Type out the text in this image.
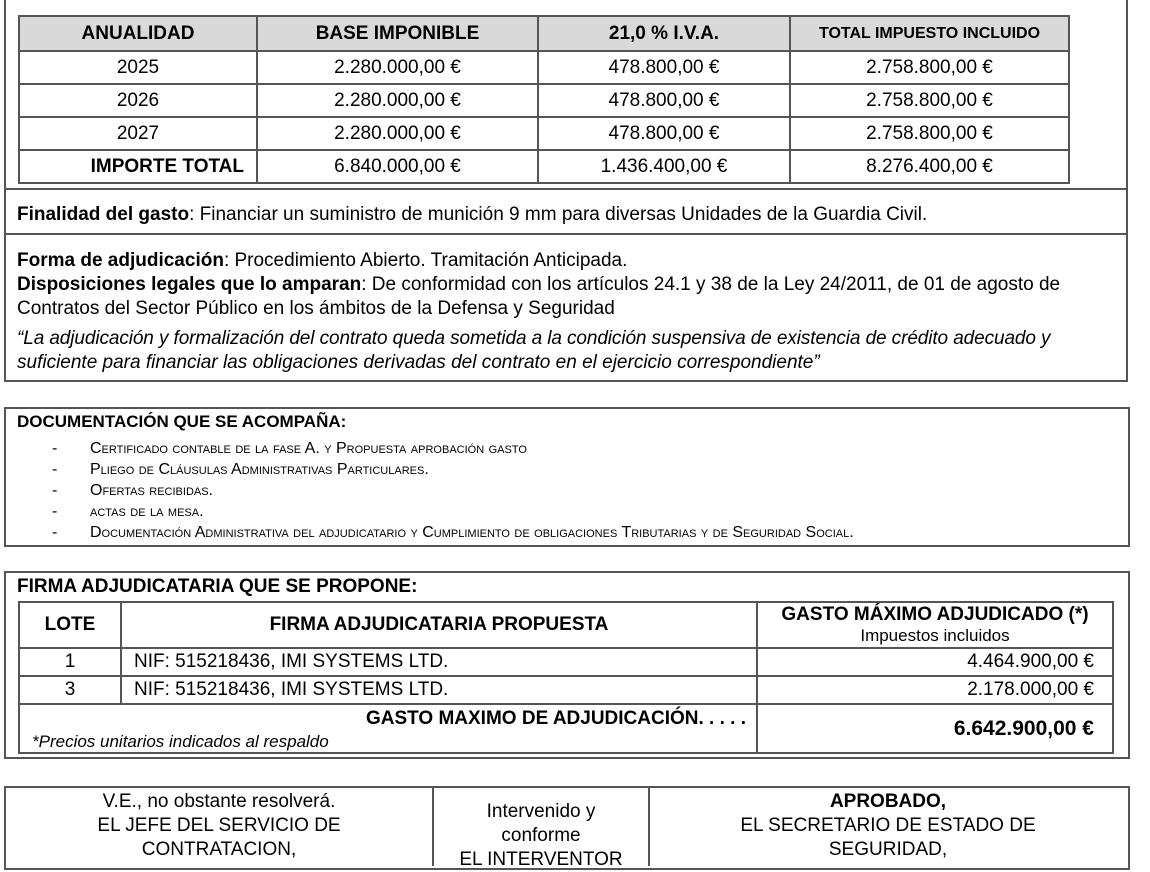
ANUALIDAD	BASE IMPONIBLE	21,0 % I.V.A.	TOTAL IMPUESTO INCLUIDO
2025	2.280.000,00 €	478.800,00 €	2.758.800,00 €
2026	2.280.000,00 €	478.800,00 €	2.758.800,00 €
2027	2.280.000,00 €	478.800,00 €	2.758.800,00 €
IMPORTE TOTAL	6.840.000,00 €	1.436.400,00 €	8.276.400,00 €
Finalidad del gasto: Financiar un suministro de munición 9 mm para diversas Unidades de la Guardia Civil.
Forma de adjudicación: Procedimiento Abierto. Tramitación Anticipada.
Disposiciones legales que lo amparan: De conformidad con los artículos 24.1 y 38 de la Ley 24/2011, de 01 de agosto de
Contratos del Sector Público en los ámbitos de la Defensa y Seguridad
“La adjudicación y formalización del contrato queda sometida a la condición suspensiva de existencia de crédito adecuado y
suficiente para financiar las obligaciones derivadas del contrato en el ejercicio correspondiente”
DOCUMENTACIÓN QUE SE ACOMPAÑA:
- Certificado contable de la fase A. y Propuesta aprobación gasto
- Pliego de Cláusulas Administrativas Particulares.
- Ofertas recibidas.
- actas de la mesa.
- Documentación Administrativa del adjudicatario y Cumplimiento de obligaciones Tributarias y de Seguridad Social.
FIRMA ADJUDICATARIA QUE SE PROPONE:
LOTE	FIRMA ADJUDICATARIA PROPUESTA	GASTO MÁXIMO ADJUDICADO (*)
Impuestos incluidos

1	NIF: 515218436, IMI SYSTEMS LTD.	4.464.900,00 €
3	NIF: 515218436, IMI SYSTEMS LTD.	2.178.000,00 €

GASTO MAXIMO DE ADJUDICACIÓN. . . . .
*Precios unitarios indicados al respaldo		6.642.900,00 €
V.E., no obstante resolverá.
EL JEFE DEL SERVICIO DE
CONTRATACION,
Intervenido y
conforme
EL INTERVENTOR
APROBADO,
EL SECRETARIO DE ESTADO DE
SEGURIDAD,
